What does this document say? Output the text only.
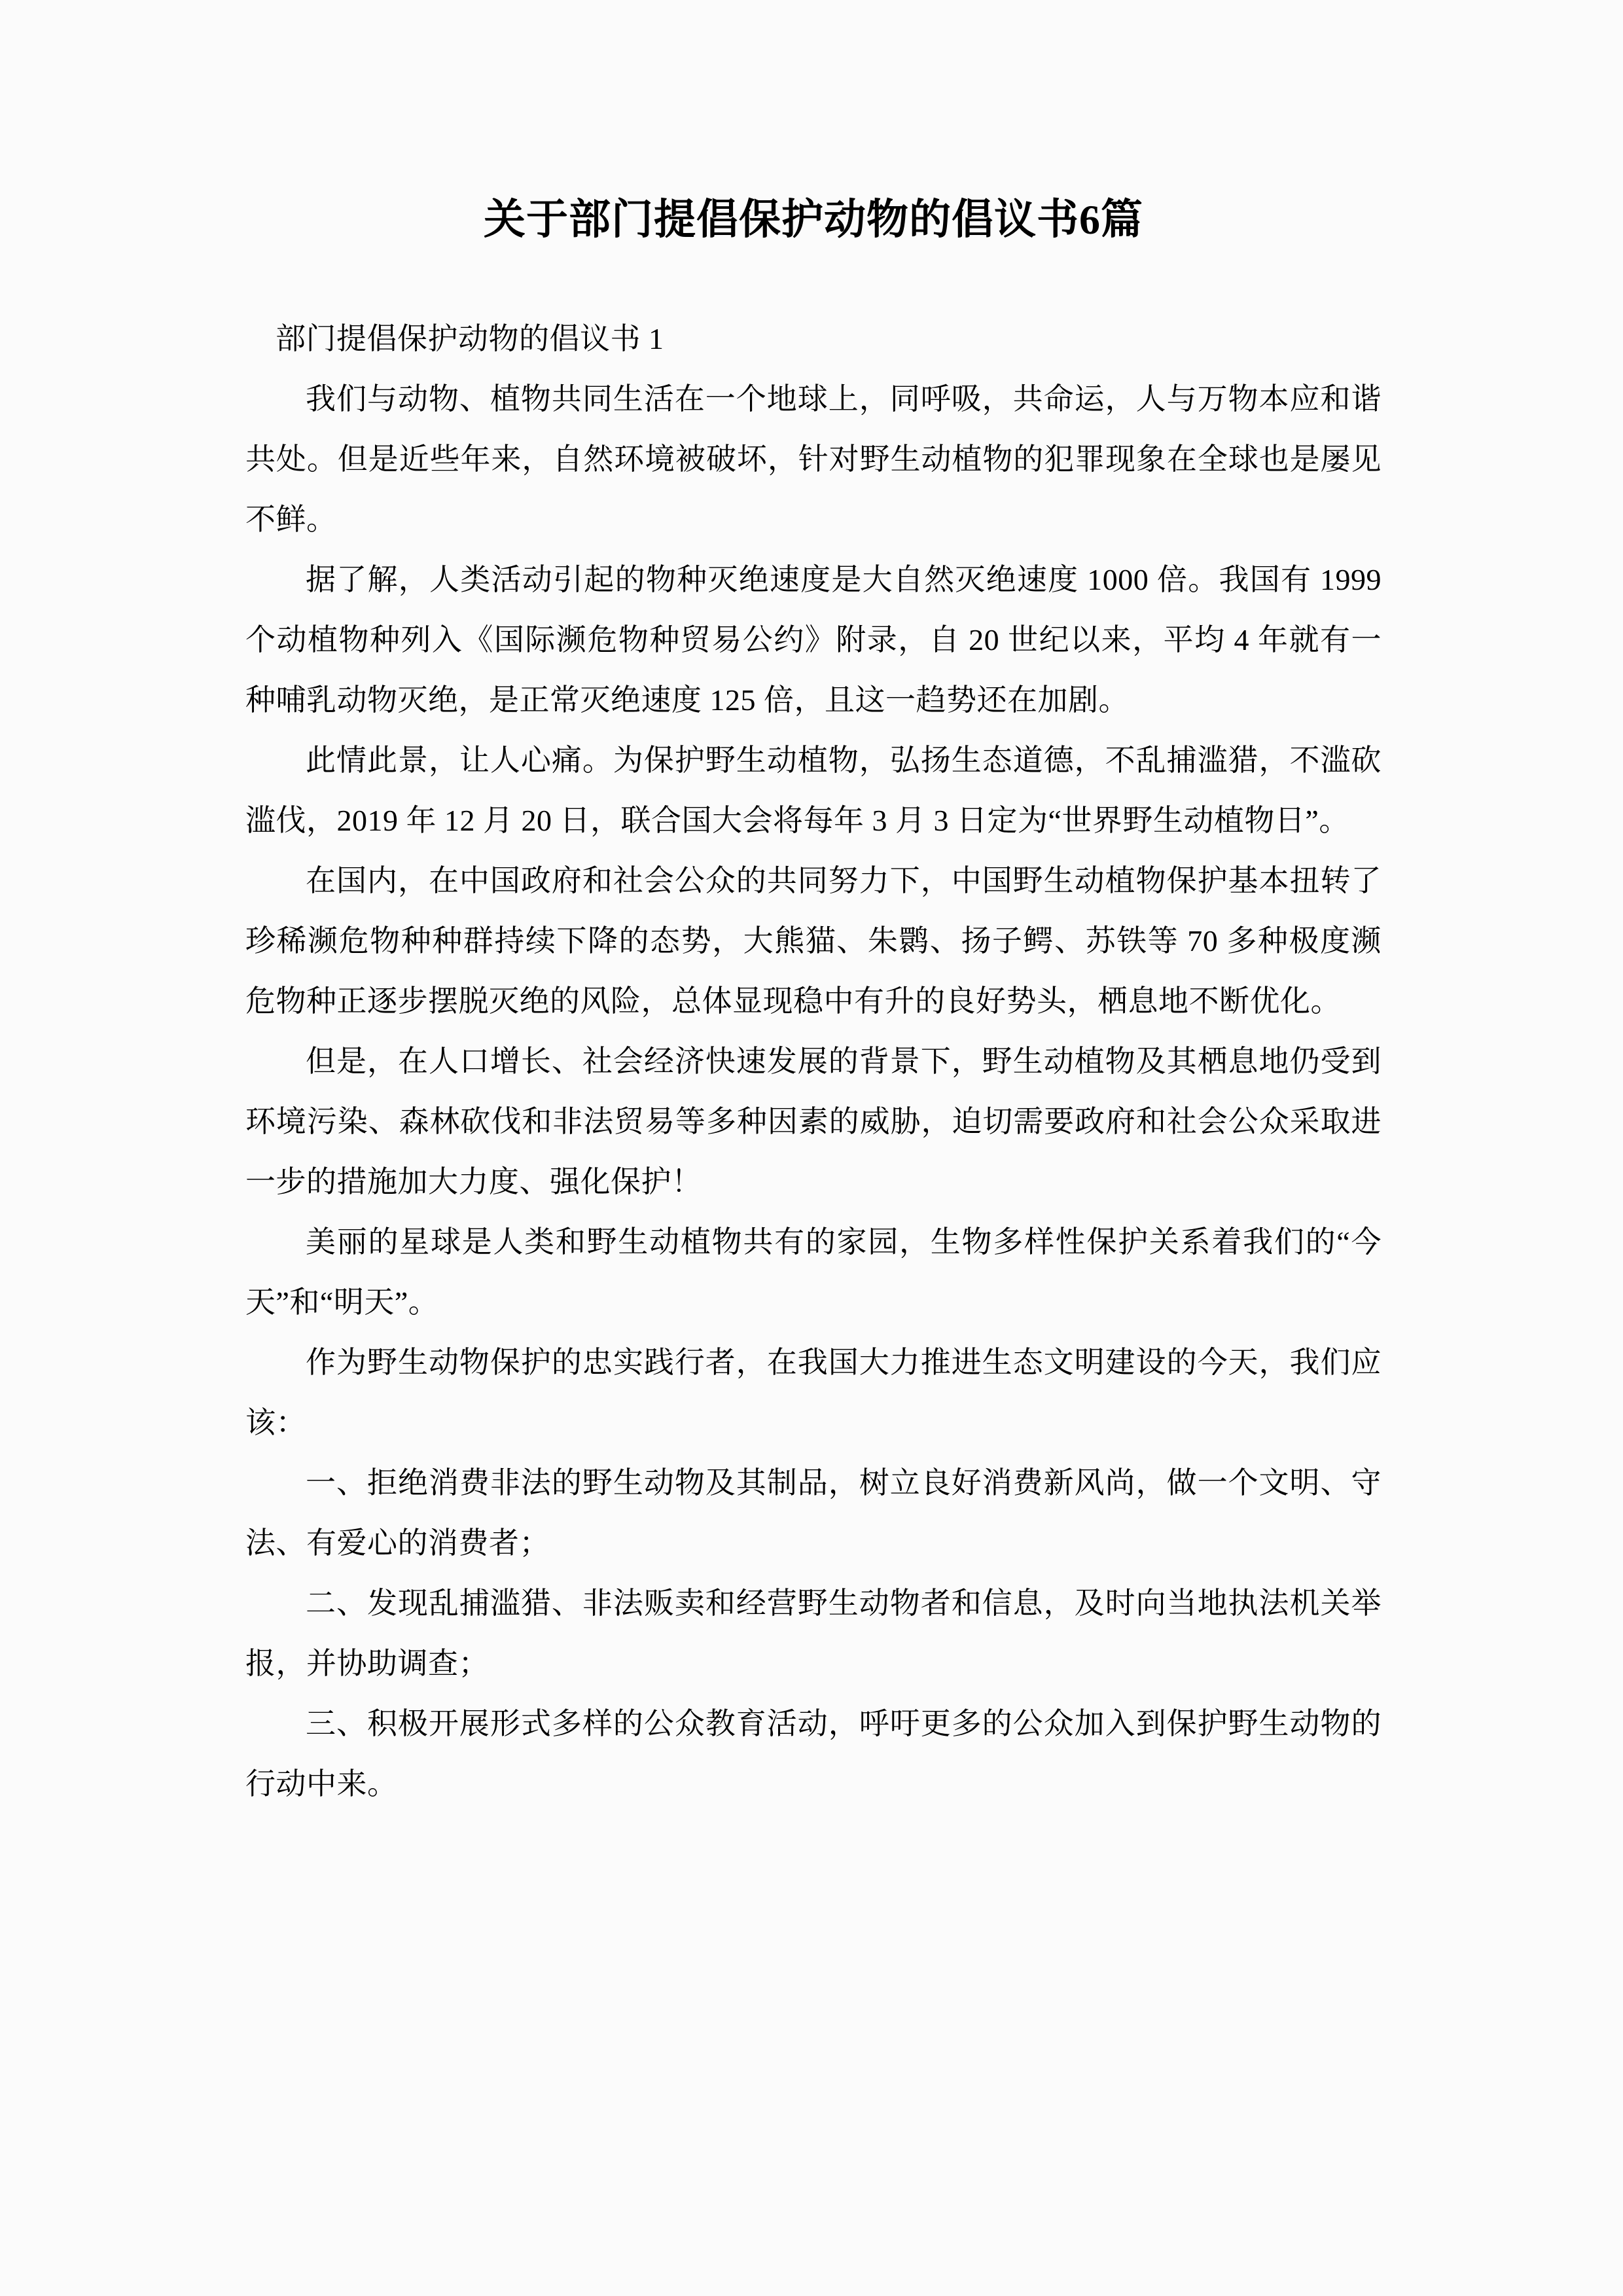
关于部门提倡保护动物的倡议书6篇

部门提倡保护动物的倡议书 1

我们与动物、植物共同生活在一个地球上，同呼吸，共命运，人与万物本应和谐共处。但是近些年来，自然环境被破坏，针对野生动植物的犯罪现象在全球也是屡见不鲜。

据了解，人类活动引起的物种灭绝速度是大自然灭绝速度 1000 倍。我国有 1999 个动植物种列入《国际濒危物种贸易公约》附录，自 20 世纪以来，平均 4 年就有一种哺乳动物灭绝，是正常灭绝速度 125 倍，且这一趋势还在加剧。

此情此景，让人心痛。为保护野生动植物，弘扬生态道德，不乱捕滥猎，不滥砍滥伐，2019 年 12 月 20 日，联合国大会将每年 3 月 3 日定为“世界野生动植物日”。

在国内，在中国政府和社会公众的共同努力下，中国野生动植物保护基本扭转了珍稀濒危物种种群持续下降的态势，大熊猫、朱鹮、扬子鳄、苏铁等 70 多种极度濒危物种正逐步摆脱灭绝的风险，总体显现稳中有升的良好势头，栖息地不断优化。

但是，在人口增长、社会经济快速发展的背景下，野生动植物及其栖息地仍受到环境污染、森林砍伐和非法贸易等多种因素的威胁，迫切需要政府和社会公众采取进一步的措施加大力度、强化保护！

美丽的星球是人类和野生动植物共有的家园，生物多样性保护关系着我们的“今天”和“明天”。

作为野生动物保护的忠实践行者，在我国大力推进生态文明建设的今天，我们应该：

一、拒绝消费非法的野生动物及其制品，树立良好消费新风尚，做一个文明、守法、有爱心的消费者；

二、发现乱捕滥猎、非法贩卖和经营野生动物者和信息，及时向当地执法机关举报，并协助调查；

三、积极开展形式多样的公众教育活动，呼吁更多的公众加入到保护野生动物的行动中来。
